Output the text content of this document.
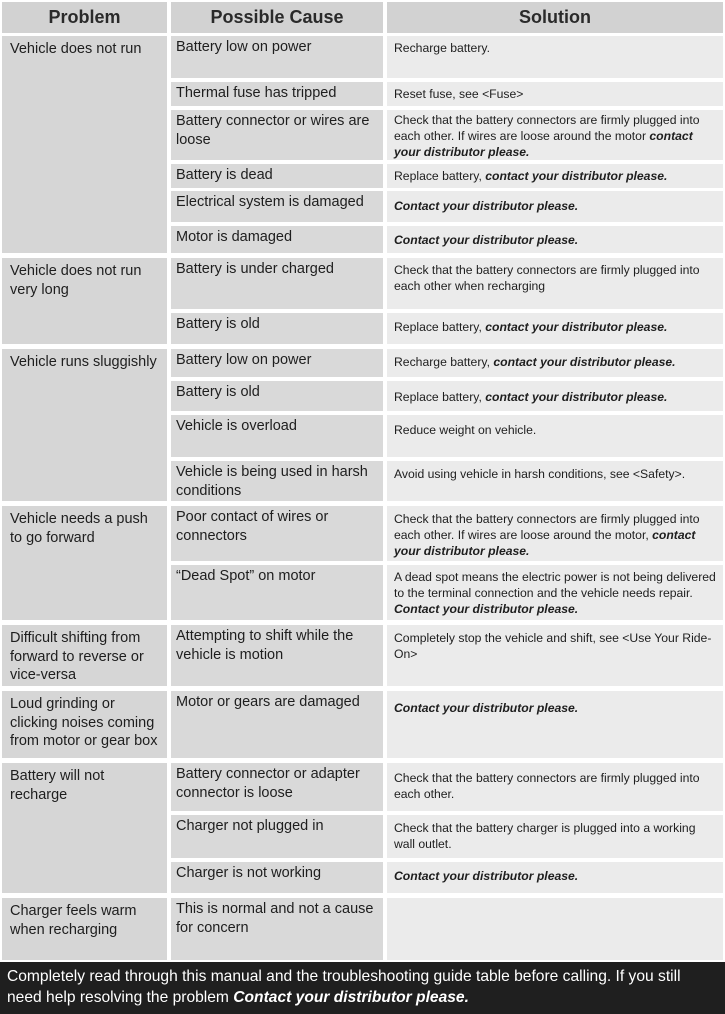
Problem	Possible Cause	Solution
Vehicle does not run
Vehicle does not run very long
Vehicle runs sluggishly
Vehicle needs a push to go forward
Difficult shifting from forward to reverse or vice-versa
Loud grinding or clicking noises coming from motor or gear box
Battery will not recharge
Charger feels warm when recharging
Battery low on power
Thermal fuse has tripped
Battery connector or wires are loose
Battery is dead
Electrical system is damaged
Motor is damaged
Battery is under charged
Battery is old
Battery low on power
Battery is old
Vehicle is overload
Vehicle is being used in harsh conditions
Poor contact of wires or connectors
“Dead Spot” on motor
Attempting to shift while the vehicle is motion
Motor or gears are damaged
Battery connector or adapter connector is loose
Charger not plugged in
Charger is not working
This is normal and not a cause for concern
Recharge battery.
Reset fuse, see <Fuse>
Check that the battery connectors are firmly plugged into each other. If wires are loose around the motor contact your distributor please.
Replace battery, contact your distributor please.
Contact your distributor please.
Contact your distributor please.
Check that the battery connectors are firmly plugged into each other when recharging
Replace battery, contact your distributor please.
Recharge battery, contact your distributor please.
Replace battery, contact your distributor please.
Reduce weight on vehicle.
Avoid using vehicle in harsh conditions, see <Safety>.
Check that the battery connectors are firmly plugged into each other. If wires are loose around the motor, contact your distributor please.
A dead spot means the electric power is not being delivered to the terminal connection and the vehicle needs repair. Contact your distributor please.
Completely stop the vehicle and shift, see <Use Your Ride-On>
Contact your distributor please.
Check that the battery connectors are firmly plugged into each other.
Check that the battery charger is plugged into a working wall outlet.
Contact your distributor please.
Completely read through this manual and the troubleshooting guide table before calling. If you still need help resolving the problem Contact your distributor please.
